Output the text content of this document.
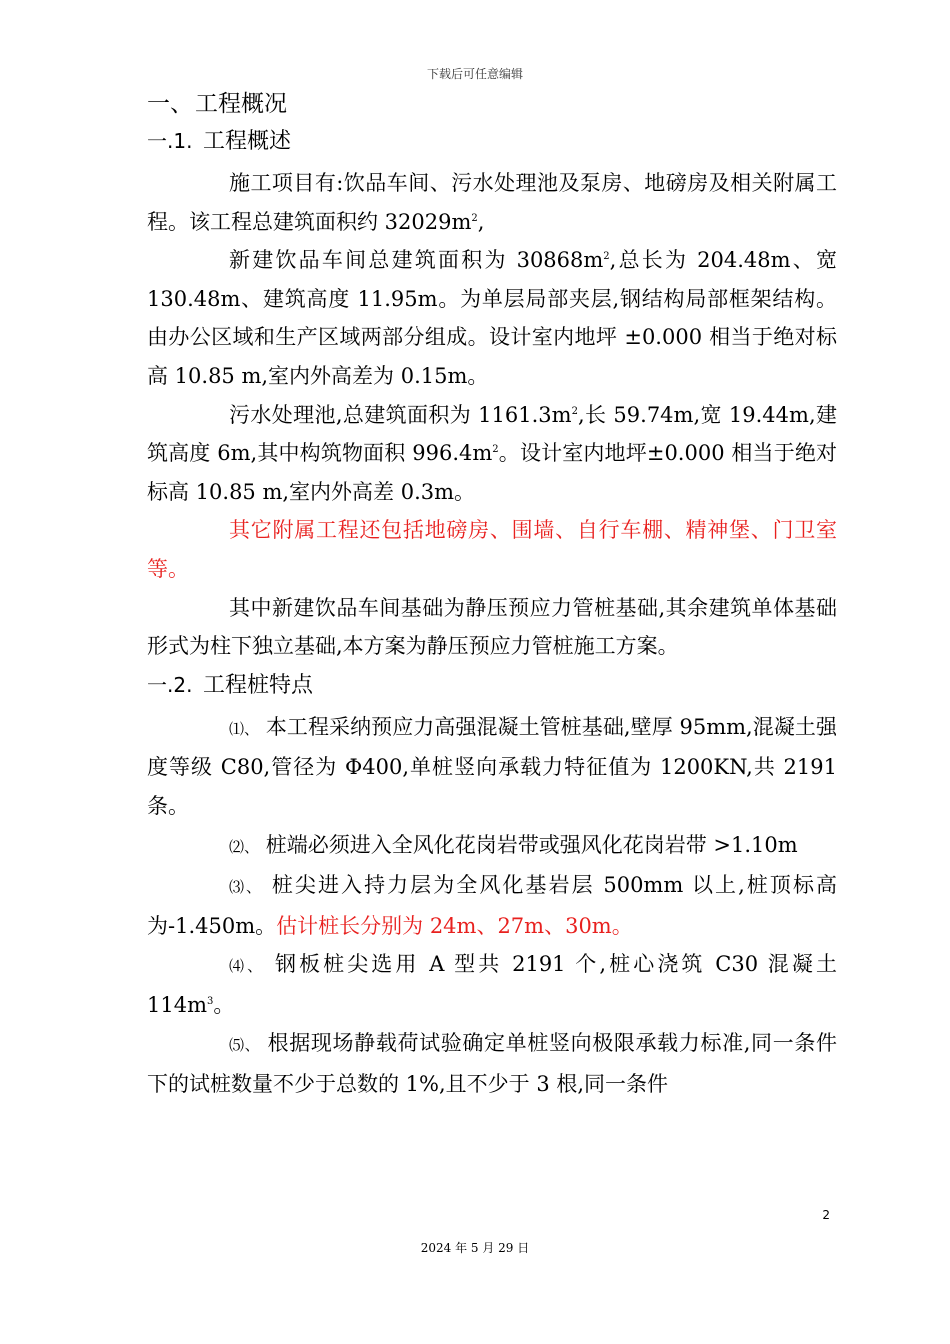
下载后可任意编辑
一、工程概况
一.1. 工程概述

施工项目有:饮品车间、污水处理池及泵房、地磅房及相关附属工程。该工程总建筑面积约 $32029m^2$,

新建饮品车间总建筑面积为 $30868m^2$,总长为 204.48m、宽 130.48m、建筑高度 11.95m。为单层局部夹层,钢结构局部框架结构。由办公区域和生产区域两部分组成。设计室内地坪 ±0.000 相当于绝对标高 10.85 m,室内外高差为 0.15m。

污水处理池,总建筑面积为 $1161.3m^2$,长 59.74m,宽 19.44m,建筑高度 6m,其中构筑物面积 $996.4m^2$。设计室内地坪±0.000 相当于绝对标高 10.85 m,室内外高差 0.3m。

其它附属工程还包括地磅房、围墙、自行车棚、精神堡、门卫室等。

其中新建饮品车间基础为静压预应力管桩基础,其余建筑单体基础形式为柱下独立基础,本方案为静压预应力管桩施工方案。

一.2. 工程桩特点

⑴、 本工程采纳预应力高强混凝土管桩基础,壁厚 95mm,混凝土强度等级 C80,管径为 Φ400,单桩竖向承载力特征值为 1200KN,共 2191 条。

⑵、 桩端必须进入全风化花岗岩带或强风化花岗岩带 >1.10m

⑶、 桩尖进入持力层为全风化基岩层 500mm 以上,桩顶标高为-1.450m。估计桩长分别为 24m、27m、30m。

⑷、 钢板桩尖选用 A 型共 2191 个,桩心浇筑 C30 混凝土 $114m^3$。

⑸、 根据现场静载荷试验确定单桩竖向极限承载力标准,同一条件下的试桩数量不少于总数的 1%,且不少于 3 根,同一条件

2
2024 年 5 月 29 日
